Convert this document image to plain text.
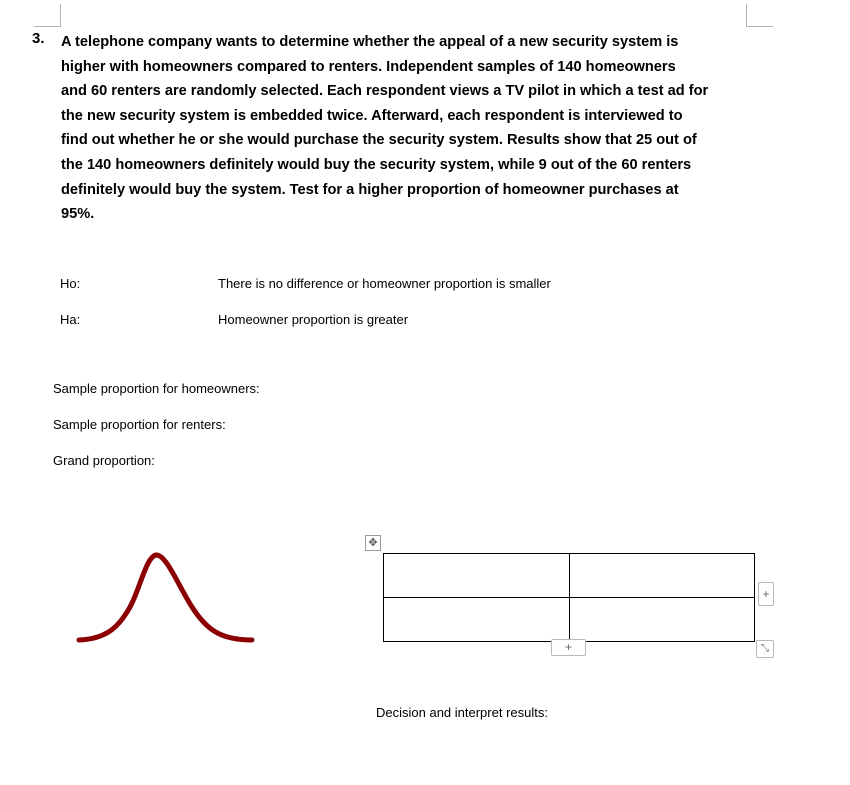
3. A telephone company wants to determine whether the appeal of a new security system is
higher with homeowners compared to renters. Independent samples of 140 homeowners
and 60 renters are randomly selected. Each respondent views a TV pilot in which a test ad for
the new security system is embedded twice. Afterward, each respondent is interviewed to
find out whether he or she would purchase the security system. Results show that 25 out of
the 140 homeowners definitely would buy the security system, while 9 out of the 60 renters
definitely would buy the system. Test for a higher proportion of homeowner purchases at
95%.
Ho:	There is no difference or homeowner proportion is smaller
Ha:	Homeowner proportion is greater
Sample proportion for homeowners:
Sample proportion for renters:
Grand proportion:
✥

+
+	⤡
Decision and interpret results:
